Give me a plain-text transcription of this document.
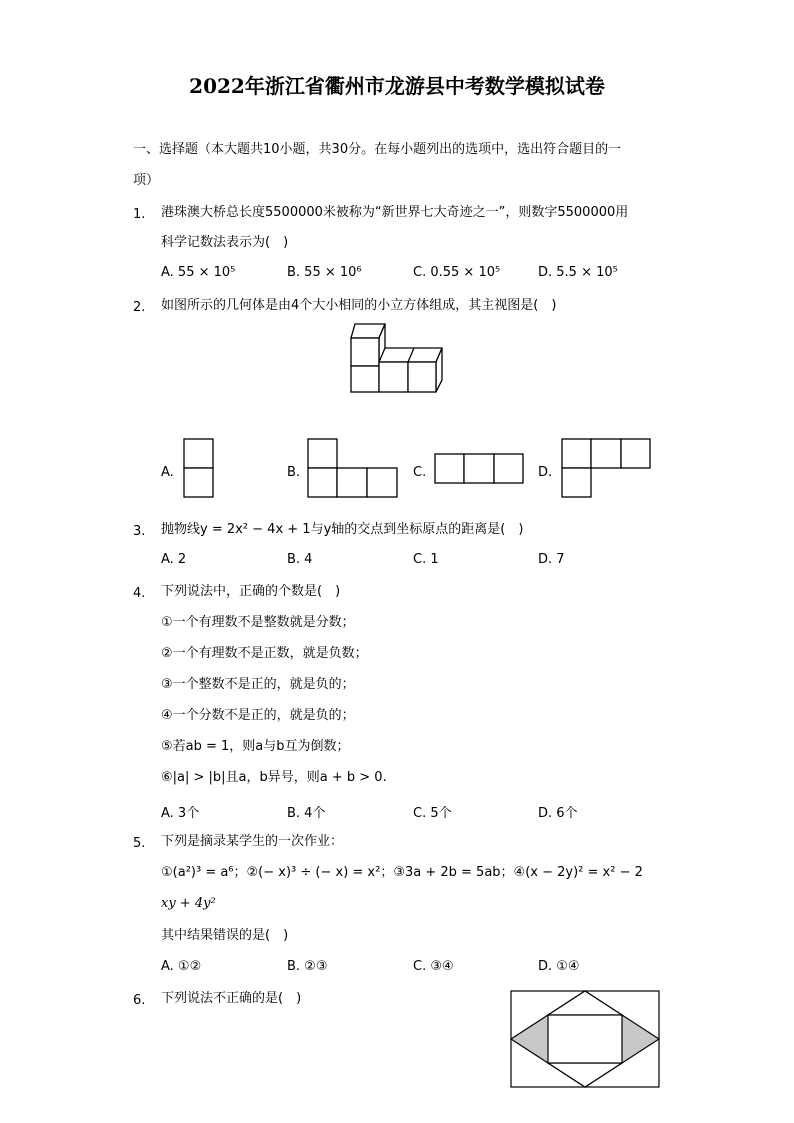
2022年浙江省衢州市龙游县中考数学模拟试卷
一、选择题（本大题共10小题，共30分。在每小题列出的选项中，选出符合题目的一
项）
1. 港珠澳大桥总长度5500000米被称为“新世界七大奇迹之一”，则数字5500000用
科学记数法表示为(　)
A. 55 × 10⁵	B. 55 × 10⁶	C. 0.55 × 10⁵	D. 5.5 × 10⁵
2. 如图所示的几何体是由4个大小相同的小立方体组成，其主视图是(　)
A.	B.	C.	D.
3. 抛物线y = 2x² − 4x + 1与y轴的交点到坐标原点的距离是(　)
A. 2	B. 4	C. 1	D. 7
4. 下列说法中，正确的个数是(　)
①一个有理数不是整数就是分数；
②一个有理数不是正数，就是负数；
③一个整数不是正的，就是负的；
④一个分数不是正的，就是负的；
⑤若ab = 1，则a与b互为倒数；
⑥|a| > |b|且a，b异号，则a + b > 0.
A. 3个	B. 4个	C. 5个	D. 6个
5. 下列是摘录某学生的一次作业：
①(a²)³ = a⁶；②(− x)³ ÷ (− x) = x²；③3a + 2b = 5ab；④(x − 2y)² = x² − 2
xy + 4y²
其中结果错误的是(　)
A. ①②	B. ②③	C. ③④	D. ①④
6. 下列说法不正确的是(　)
